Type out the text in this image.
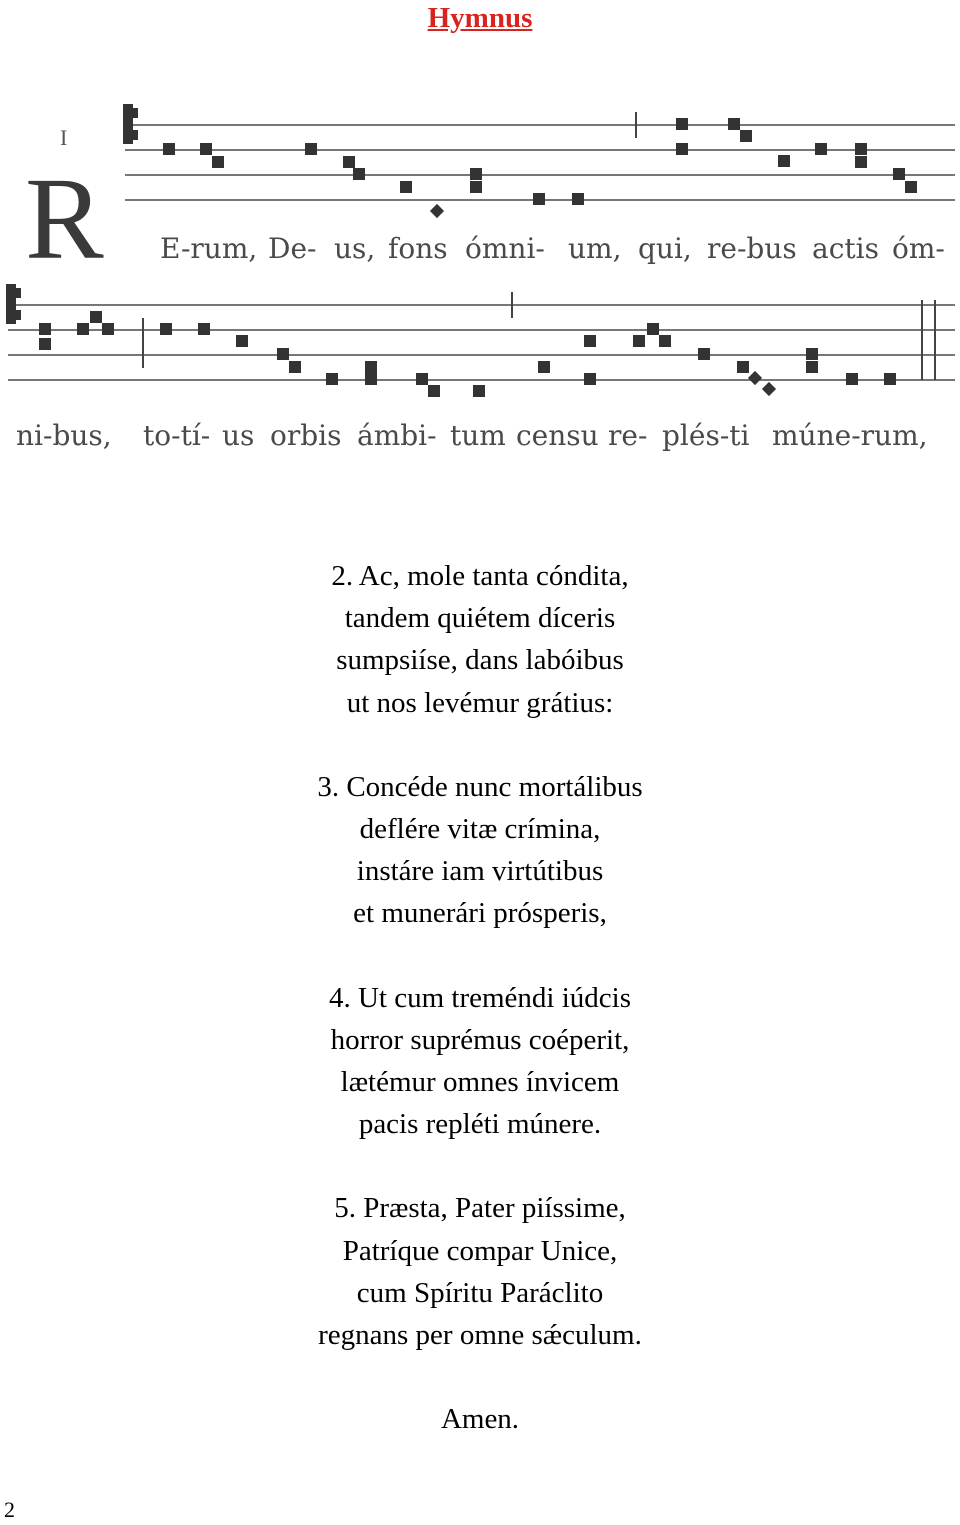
Hymnus
I
R E-rum, De- us, fons ómni- um, qui, re-bus actis óm-
ni-bus, to-tí- us orbis ámbi- tum censu re- plés-ti múne-rum,
2. Ac, mole tanta cóndita,
tandem quiétem díceris
sumpsiíse, dans labóibus
ut nos levémur grátius:
3. Concéde nunc mortálibus
deflére vitæ crímina,
instáre iam virtútibus
et munerári prósperis,
4. Ut cum treméndi iúdcis
horror suprémus coéperit,
lætémur omnes ínvicem
pacis repléti múnere.
5. Præsta, Pater piíssime,
Patríque compar Unice,
cum Spíritu Paráclito
regnans per omne sǽculum.
Amen.
2
